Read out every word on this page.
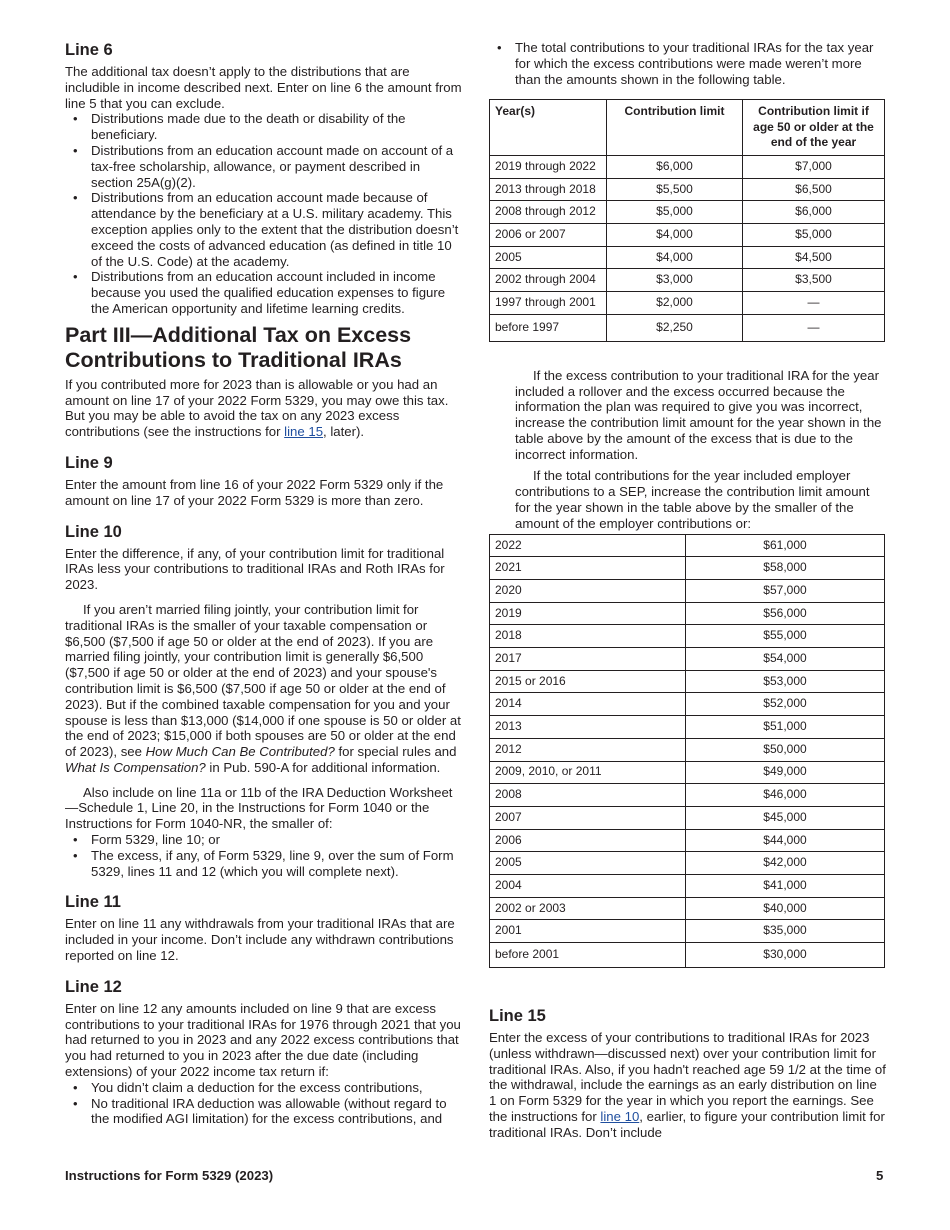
Line 6

The additional tax doesn’t apply to the distributions that are includible in income described next. Enter on line 6 the amount from line 5 that you can exclude.

• Distributions made due to the death or disability of the beneficiary.
• Distributions from an education account made on account of a tax-free scholarship, allowance, or payment described in section 25A(g)(2).
• Distributions from an education account made because of attendance by the beneficiary at a U.S. military academy. This exception applies only to the extent that the distribution doesn’t exceed the costs of advanced education (as defined in title 10 of the U.S. Code) at the academy.
• Distributions from an education account included in income because you used the qualified education expenses to figure the American opportunity and lifetime learning credits.
Part III—Additional Tax on Excess Contributions to Traditional IRAs

If you contributed more for 2023 than is allowable or you had an amount on line 17 of your 2022 Form 5329, you may owe this tax. But you may be able to avoid the tax on any 2023 excess contributions (see the instructions for line 15, later).

Line 9

Enter the amount from line 16 of your 2022 Form 5329 only if the amount on line 17 of your 2022 Form 5329 is more than zero.

Line 10

Enter the difference, if any, of your contribution limit for traditional IRAs less your contributions to traditional IRAs and Roth IRAs for 2023.

If you aren’t married filing jointly, your contribution limit for traditional IRAs is the smaller of your taxable compensation or $6,500 ($7,500 if age 50 or older at the end of 2023). If you are married filing jointly, your contribution limit is generally $6,500 ($7,500 if age 50 or older at the end of 2023) and your spouse's contribution limit is $6,500 ($7,500 if age 50 or older at the end of 2023). But if the combined taxable compensation for you and your spouse is less than $13,000 ($14,000 if one spouse is 50 or older at the end of 2023; $15,000 if both spouses are 50 or older at the end of 2023), see How Much Can Be Contributed? for special rules and What Is Compensation? in Pub. 590-A for additional information.

Also include on line 11a or 11b of the IRA Deduction Worksheet—Schedule 1, Line 20, in the Instructions for Form 1040 or the Instructions for Form 1040-NR, the smaller of:

• Form 5329, line 10; or
• The excess, if any, of Form 5329, line 9, over the sum of Form 5329, lines 11 and 12 (which you will complete next).
Line 11

Enter on line 11 any withdrawals from your traditional IRAs that are included in your income. Don’t include any withdrawn contributions reported on line 12.

Line 12

Enter on line 12 any amounts included on line 9 that are excess contributions to your traditional IRAs for 1976 through 2021 that you had returned to you in 2023 and any 2022 excess contributions that you had returned to you in 2023 after the due date (including extensions) of your 2022 income tax return if:

• You didn’t claim a deduction for the excess contributions,
• No traditional IRA deduction was allowable (without regard to the modified AGI limitation) for the excess contributions, and
• The total contributions to your traditional IRAs for the tax year for which the excess contributions were made weren’t more than the amounts shown in the following table.
Year(s)	Contribution limit	Contribution limit if age 50 or older at the end of the year
2019 through 2022	$6,000	$7,000
2013 through 2018	$5,500	$6,500
2008 through 2012	$5,000	$6,000
2006 or 2007	$4,000	$5,000
2005	$4,000	$4,500
2002 through 2004	$3,000	$3,500
1997 through 2001	$2,000	—
before 1997	$2,250	—

If the excess contribution to your traditional IRA for the year included a rollover and the excess occurred because the information the plan was required to give you was incorrect, increase the contribution limit amount for the year shown in the table above by the amount of the excess that is due to the incorrect information.

If the total contributions for the year included employer contributions to a SEP, increase the contribution limit amount for the year shown in the table above by the smaller of the amount of the employer contributions or:

2022	$61,000
2021	$58,000
2020	$57,000
2019	$56,000
2018	$55,000
2017	$54,000
2015 or 2016	$53,000
2014	$52,000
2013	$51,000
2012	$50,000
2009, 2010, or 2011	$49,000
2008	$46,000
2007	$45,000
2006	$44,000
2005	$42,000
2004	$41,000
2002 or 2003	$40,000
2001	$35,000
before 2001	$30,000
Line 15

Enter the excess of your contributions to traditional IRAs for 2023 (unless withdrawn—discussed next) over your contribution limit for traditional IRAs. Also, if you hadn't reached age 59 1/2 at the time of the withdrawal, include the earnings as an early distribution on line 1 on Form 5329 for the year in which you report the earnings. See the instructions for line 10, earlier, to figure your contribution limit for traditional IRAs. Don’t include

Instructions for Form 5329 (2023)	5
